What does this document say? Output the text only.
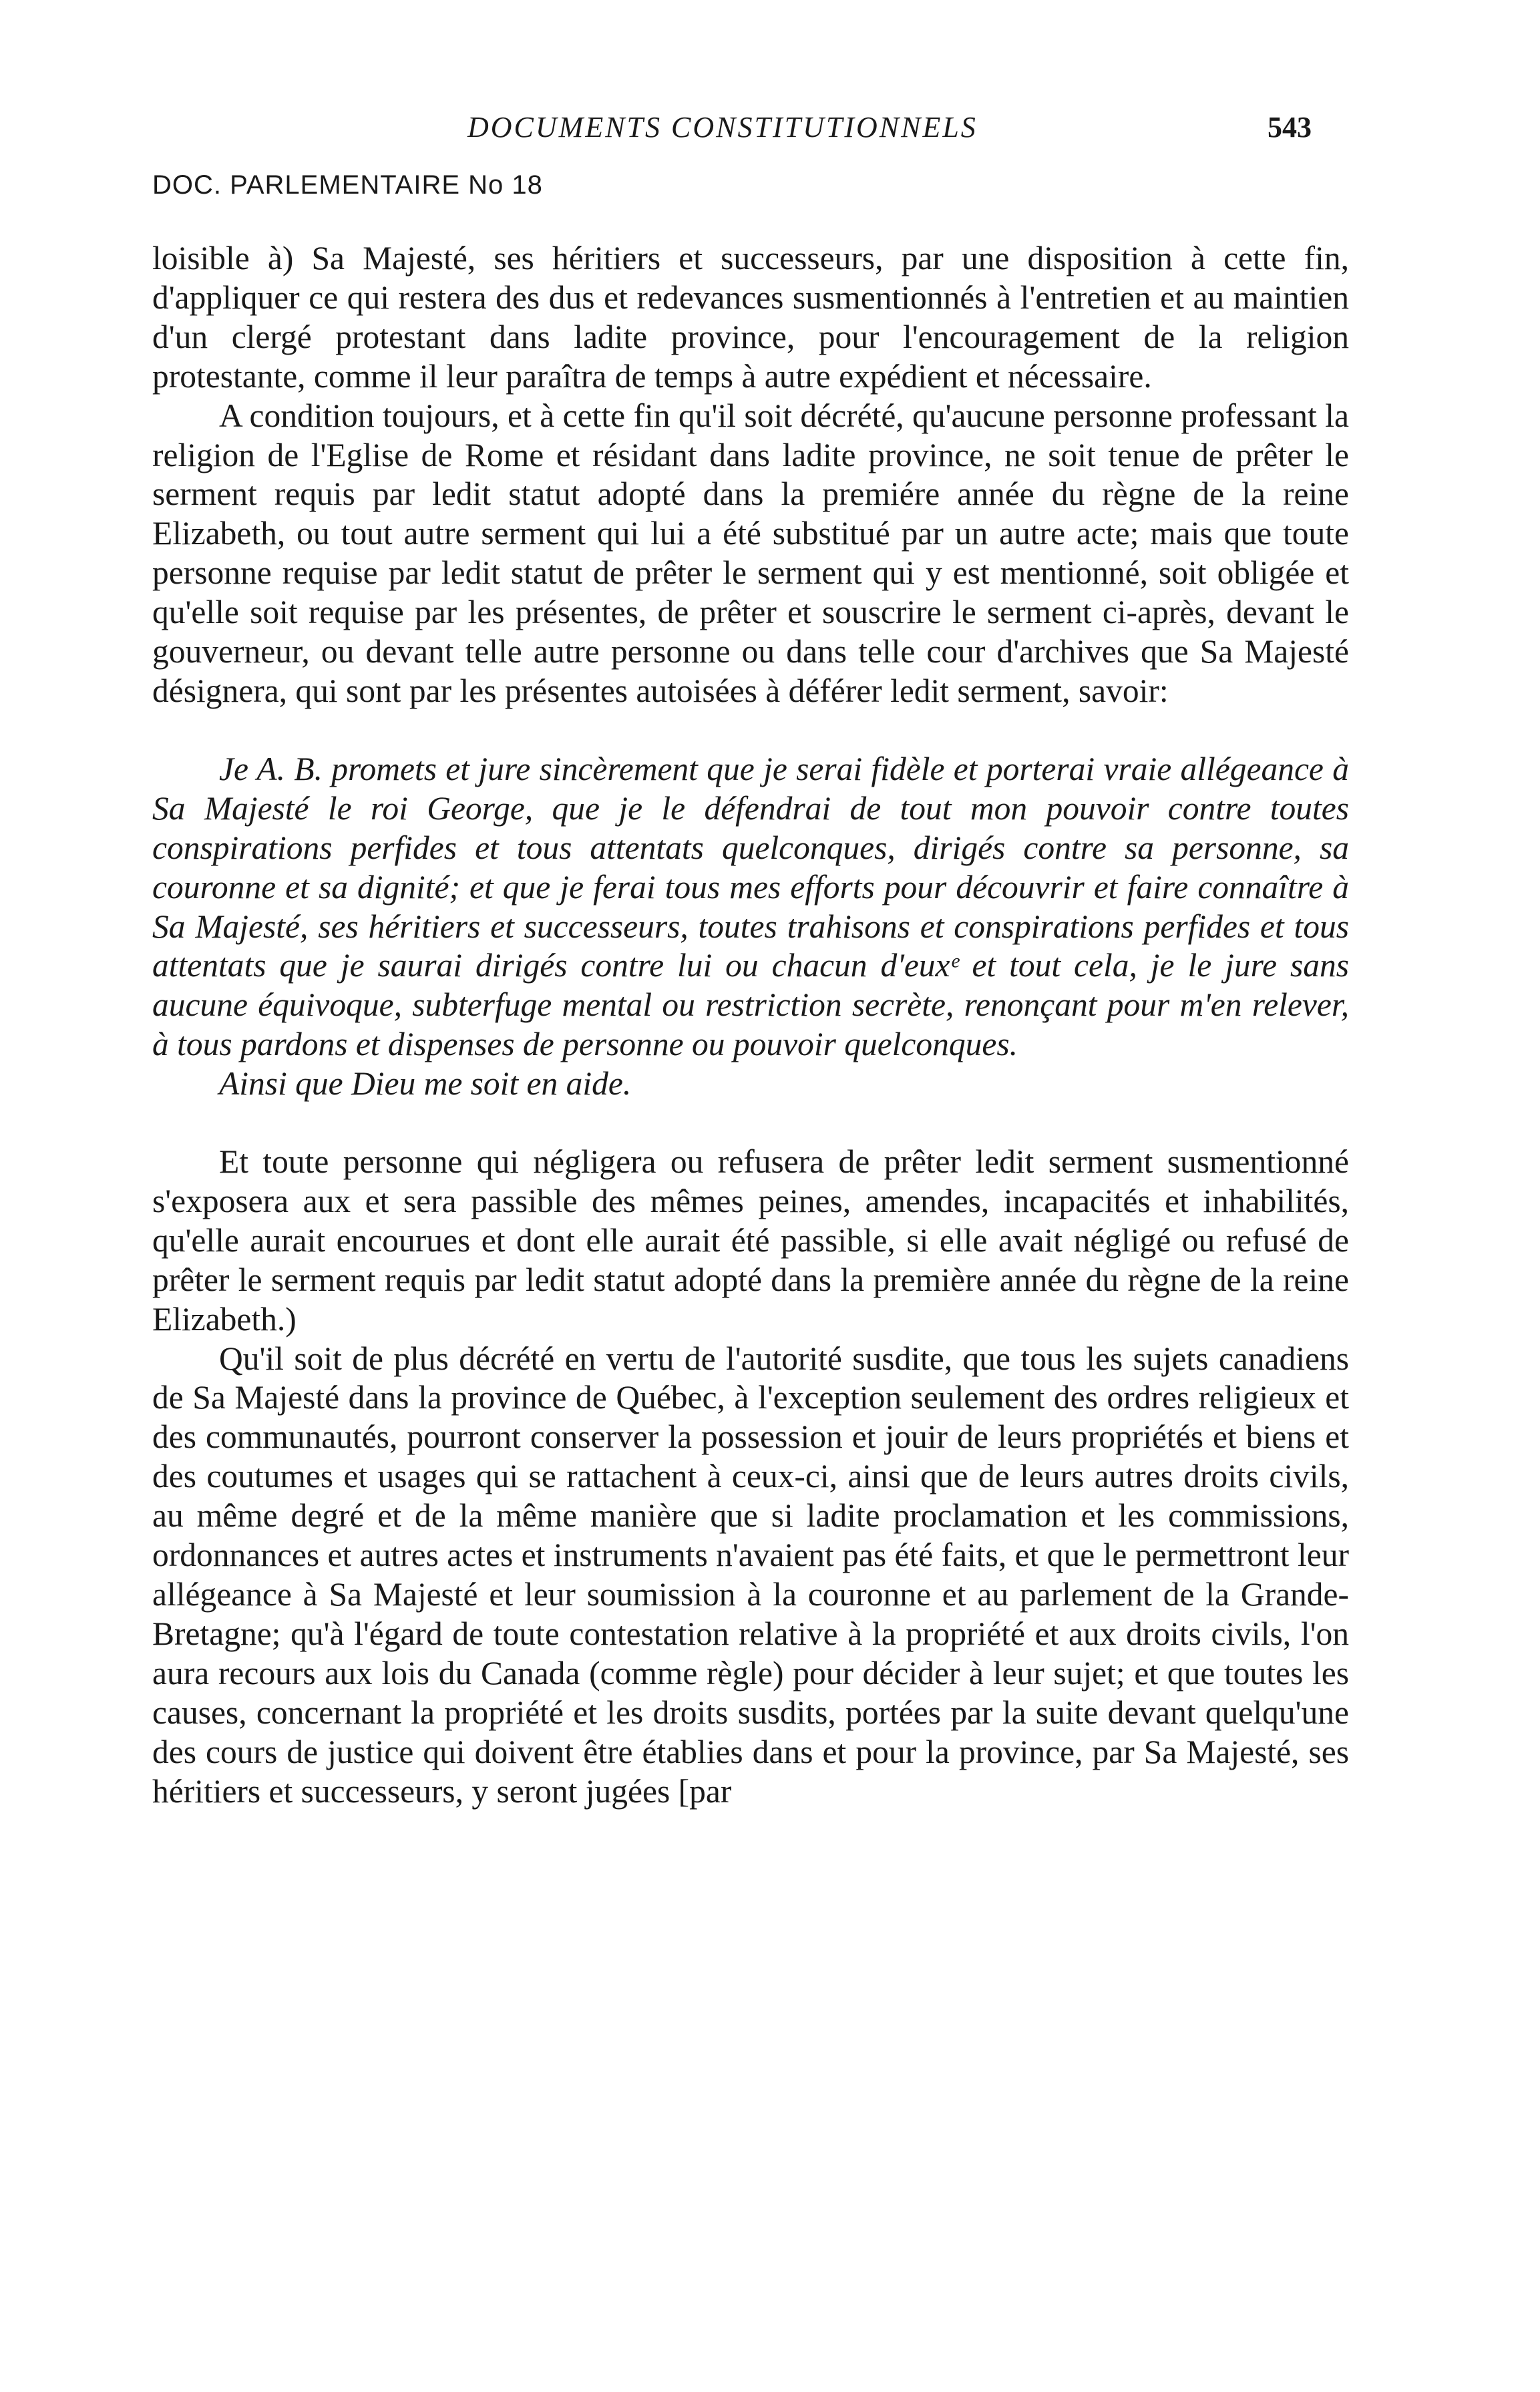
DOCUMENTS CONSTITUTIONNELS	543
DOC. PARLEMENTAIRE No 18

loisible à) Sa Majesté, ses héritiers et successeurs, par une disposition à cette fin, d'appliquer ce qui restera des dus et redevances susmentionnés à l'entretien et au maintien d'un clergé protestant dans ladite province, pour l'encouragement de la religion protestante, comme il leur paraîtra de temps à autre expédient et nécessaire.

A condition toujours, et à cette fin qu'il soit décrété, qu'aucune personne professant la religion de l'Eglise de Rome et résidant dans ladite province, ne soit tenue de prêter le serment requis par ledit statut adopté dans la premiére année du règne de la reine Elizabeth, ou tout autre serment qui lui a été substitué par un autre acte; mais que toute personne requise par ledit statut de prêter le serment qui y est mentionné, soit obligée et qu'elle soit requise par les présentes, de prêter et souscrire le serment ci-après, devant le gouverneur, ou devant telle autre personne ou dans telle cour d'archives que Sa Majesté désignera, qui sont par les présentes autoisées à déférer ledit serment, savoir:

Je A. B. promets et jure sincèrement que je serai fidèle et porterai vraie allégeance à Sa Majesté le roi George, que je le défendrai de tout mon pouvoir contre toutes conspirations perfides et tous attentats quelconques, dirigés contre sa personne, sa couronne et sa dignité; et que je ferai tous mes efforts pour découvrir et faire connaître à Sa Majesté, ses héritiers et successeurs, toutes trahisons et conspirations perfides et tous attentats que je saurai dirigés contre lui ou chacun d'euxᵉ et tout cela, je le jure sans aucune équivoque, subterfuge mental ou restriction secrète, renonçant pour m'en relever, à tous pardons et dispenses de personne ou pouvoir quelconques.

Ainsi que Dieu me soit en aide.

Et toute personne qui négligera ou refusera de prêter ledit serment susmentionné s'exposera aux et sera passible des mêmes peines, amendes, incapacités et inhabilités, qu'elle aurait encourues et dont elle aurait été passible, si elle avait négligé ou refusé de prêter le serment requis par ledit statut adopté dans la première année du règne de la reine Elizabeth.)

Qu'il soit de plus décrété en vertu de l'autorité susdite, que tous les sujets canadiens de Sa Majesté dans la province de Québec, à l'exception seulement des ordres religieux et des communautés, pourront conserver la possession et jouir de leurs propriétés et biens et des coutumes et usages qui se rattachent à ceux-ci, ainsi que de leurs autres droits civils, au même degré et de la même manière que si ladite proclamation et les commissions, ordonnances et autres actes et instruments n'avaient pas été faits, et que le permettront leur allégeance à Sa Majesté et leur soumission à la couronne et au parlement de la Grande-Bretagne; qu'à l'égard de toute contestation relative à la propriété et aux droits civils, l'on aura recours aux lois du Canada (comme règle) pour décider à leur sujet; et que toutes les causes, concernant la propriété et les droits susdits, portées par la suite devant quelqu'une des cours de justice qui doivent être établies dans et pour la province, par Sa Majesté, ses héritiers et successeurs, y seront jugées [par
